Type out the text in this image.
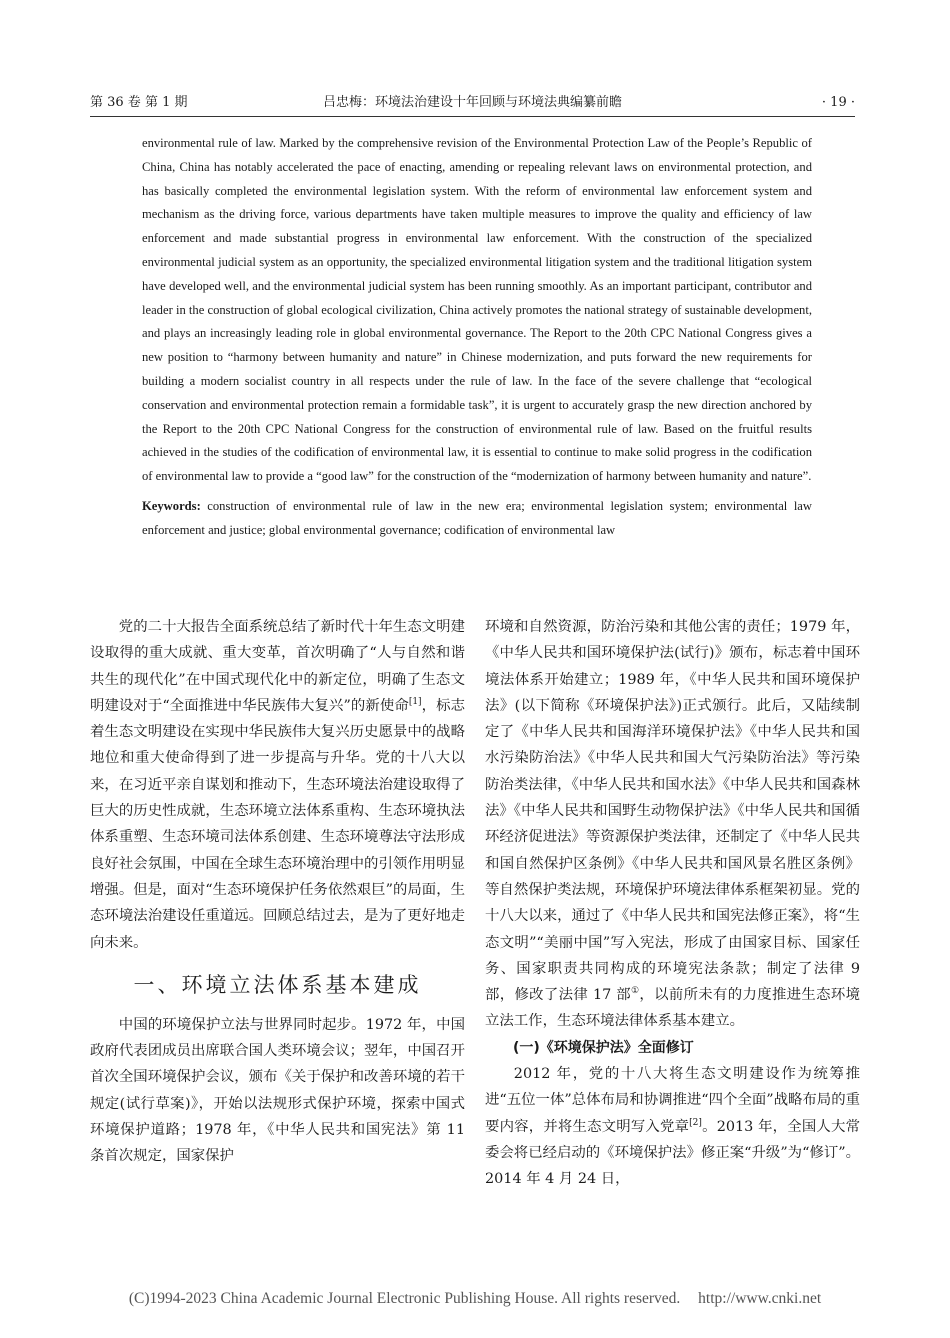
第 36 卷 第 1 期	吕忠梅：环境法治建设十年回顾与环境法典编纂前瞻	· 19 ·

environmental rule of law. Marked by the comprehensive revision of the Environmental Protection Law of the People’s Republic of China, China has notably accelerated the pace of enacting, amending or repealing relevant laws on environmental protection, and has basically completed the environmental legislation system. With the reform of environmental law enforcement system and mechanism as the driving force, various departments have taken multiple measures to improve the quality and efficiency of law enforcement and made substantial progress in environmental law enforcement. With the construction of the specialized environmental judicial system as an opportunity, the specialized environmental litigation system and the traditional litigation system have developed well, and the environmental judicial system has been running smoothly. As an important participant, contributor and leader in the construction of global ecological civilization, China actively promotes the national strategy of sustainable development, and plays an increasingly leading role in global environmental governance. The Report to the 20th CPC National Congress gives a new position to “harmony between humanity and nature” in Chinese modernization, and puts forward the new requirements for building a modern socialist country in all respects under the rule of law. In the face of the severe challenge that “ecological conservation and environmental protection remain a formidable task”, it is urgent to accurately grasp the new direction anchored by the Report to the 20th CPC National Congress for the construction of environmental rule of law. Based on the fruitful results achieved in the studies of the codification of environmental law, it is essential to continue to make solid progress in the codification of environmental law to provide a “good law” for the construction of the “modernization of harmony between humanity and nature”.

Keywords: construction of environmental rule of law in the new era; environmental legislation system; environmental law enforcement and justice; global environmental governance; codification of environmental law

党的二十大报告全面系统总结了新时代十年生态文明建设取得的重大成就、重大变革，首次明确了“人与自然和谐共生的现代化”在中国式现代化中的新定位，明确了生态文明建设对于“全面推进中华民族伟大复兴”的新使命[1]，标志着生态文明建设在实现中华民族伟大复兴历史愿景中的战略地位和重大使命得到了进一步提高与升华。党的十八大以来，在习近平亲自谋划和推动下，生态环境法治建设取得了巨大的历史性成就，生态环境立法体系重构、生态环境执法体系重塑、生态环境司法体系创建、生态环境尊法守法形成良好社会氛围，中国在全球生态环境治理中的引领作用明显增强。但是，面对“生态环境保护任务依然艰巨”的局面，生态环境法治建设任重道远。回顾总结过去，是为了更好地走向未来。

一、环境立法体系基本建成

中国的环境保护立法与世界同时起步。1972 年，中国政府代表团成员出席联合国人类环境会议；翌年，中国召开首次全国环境保护会议，颁布《关于保护和改善环境的若干规定(试行草案)》，开始以法规形式保护环境，探索中国式环境保护道路；1978 年，《中华人民共和国宪法》第 11 条首次规定，国家保护

环境和自然资源，防治污染和其他公害的责任；1979 年，《中华人民共和国环境保护法(试行)》颁布，标志着中国环境法体系开始建立；1989 年，《中华人民共和国环境保护法》(以下简称《环境保护法》)正式颁行。此后，又陆续制定了《中华人民共和国海洋环境保护法》《中华人民共和国水污染防治法》《中华人民共和国大气污染防治法》等污染防治类法律，《中华人民共和国水法》《中华人民共和国森林法》《中华人民共和国野生动物保护法》《中华人民共和国循环经济促进法》等资源保护类法律，还制定了《中华人民共和国自然保护区条例》《中华人民共和国风景名胜区条例》等自然保护类法规，环境保护环境法律体系框架初显。党的十八大以来，通过了《中华人民共和国宪法修正案》，将“生态文明”“美丽中国”写入宪法，形成了由国家目标、国家任务、国家职责共同构成的环境宪法条款；制定了法律 9 部，修改了法律 17 部①，以前所未有的力度推进生态环境立法工作，生态环境法律体系基本建立。

(一)《环境保护法》全面修订

2012 年，党的十八大将生态文明建设作为统筹推进“五位一体”总体布局和协调推进“四个全面”战略布局的重要内容，并将生态文明写入党章[2]。2013 年，全国人大常委会将已经启动的《环境保护法》修正案“升级”为“修订”。2014 年 4 月 24 日，

(C)1994-2023 China Academic Journal Electronic Publishing House. All rights reserved. http://www.cnki.net
